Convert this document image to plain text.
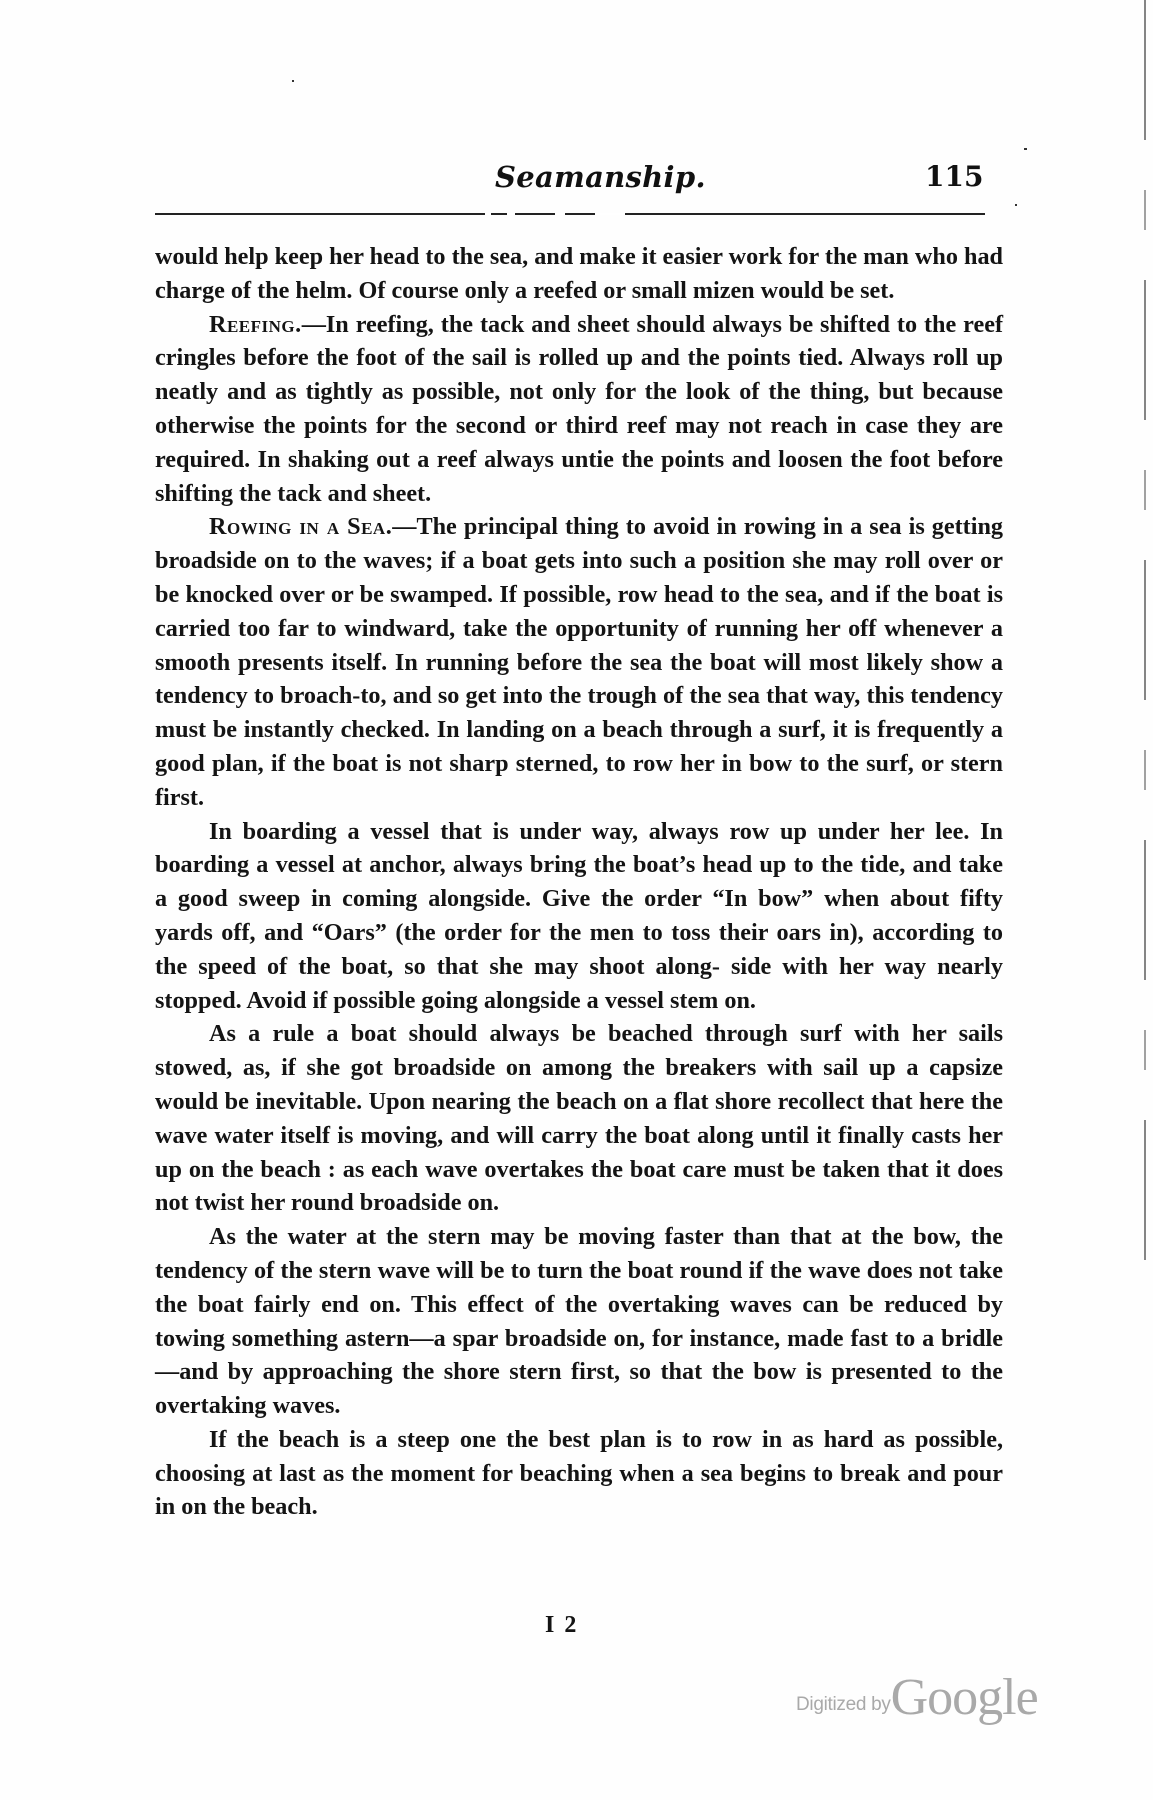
Seamanship.	115

would help keep her head to the sea, and make it easier work for the man who had charge of the helm. Of course only a reefed or small mizen would be set.

Reefing.—In reefing, the tack and sheet should always be shifted to the reef cringles before the foot of the sail is rolled up and the points tied. Always roll up neatly and as tightly as possible, not only for the look of the thing, but because otherwise the points for the second or third reef may not reach in case they are required. In shaking out a reef always untie the points and loosen the foot before shifting the tack and sheet.

Rowing in a Sea.—The principal thing to avoid in rowing in a sea is getting broadside on to the waves; if a boat gets into such a position she may roll over or be knocked over or be swamped. If possible, row head to the sea, and if the boat is carried too far to windward, take the opportunity of running her off whenever a smooth presents itself. In running before the sea the boat will most likely show a tendency to broach-to, and so get into the trough of the sea that way, this tendency must be instantly checked. In landing on a beach through a surf, it is frequently a good plan, if the boat is not sharp sterned, to row her in bow to the surf, or stern first.

In boarding a vessel that is under way, always row up under her lee. In boarding a vessel at anchor, always bring the boat’s head up to the tide, and take a good sweep in coming alongside. Give the order “In bow” when about fifty yards off, and “Oars” (the order for the men to toss their oars in), according to the speed of the boat, so that she may shoot along- side with her way nearly stopped. Avoid if possible going alongside a vessel stem on.

As a rule a boat should always be beached through surf with her sails stowed, as, if she got broadside on among the breakers with sail up a capsize would be inevitable. Upon nearing the beach on a flat shore recollect that here the wave water itself is moving, and will carry the boat along until it finally casts her up on the beach : as each wave overtakes the boat care must be taken that it does not twist her round broadside on.

As the water at the stern may be moving faster than that at the bow, the tendency of the stern wave will be to turn the boat round if the wave does not take the boat fairly end on. This effect of the overtaking waves can be reduced by towing something astern—a spar broadside on, for instance, made fast to a bridle—and by approaching the shore stern first, so that the bow is presented to the overtaking waves.

If the beach is a steep one the best plan is to row in as hard as possible, choosing at last as the moment for beaching when a sea begins to break and pour in on the beach.

I 2
Digitized byGoogle
